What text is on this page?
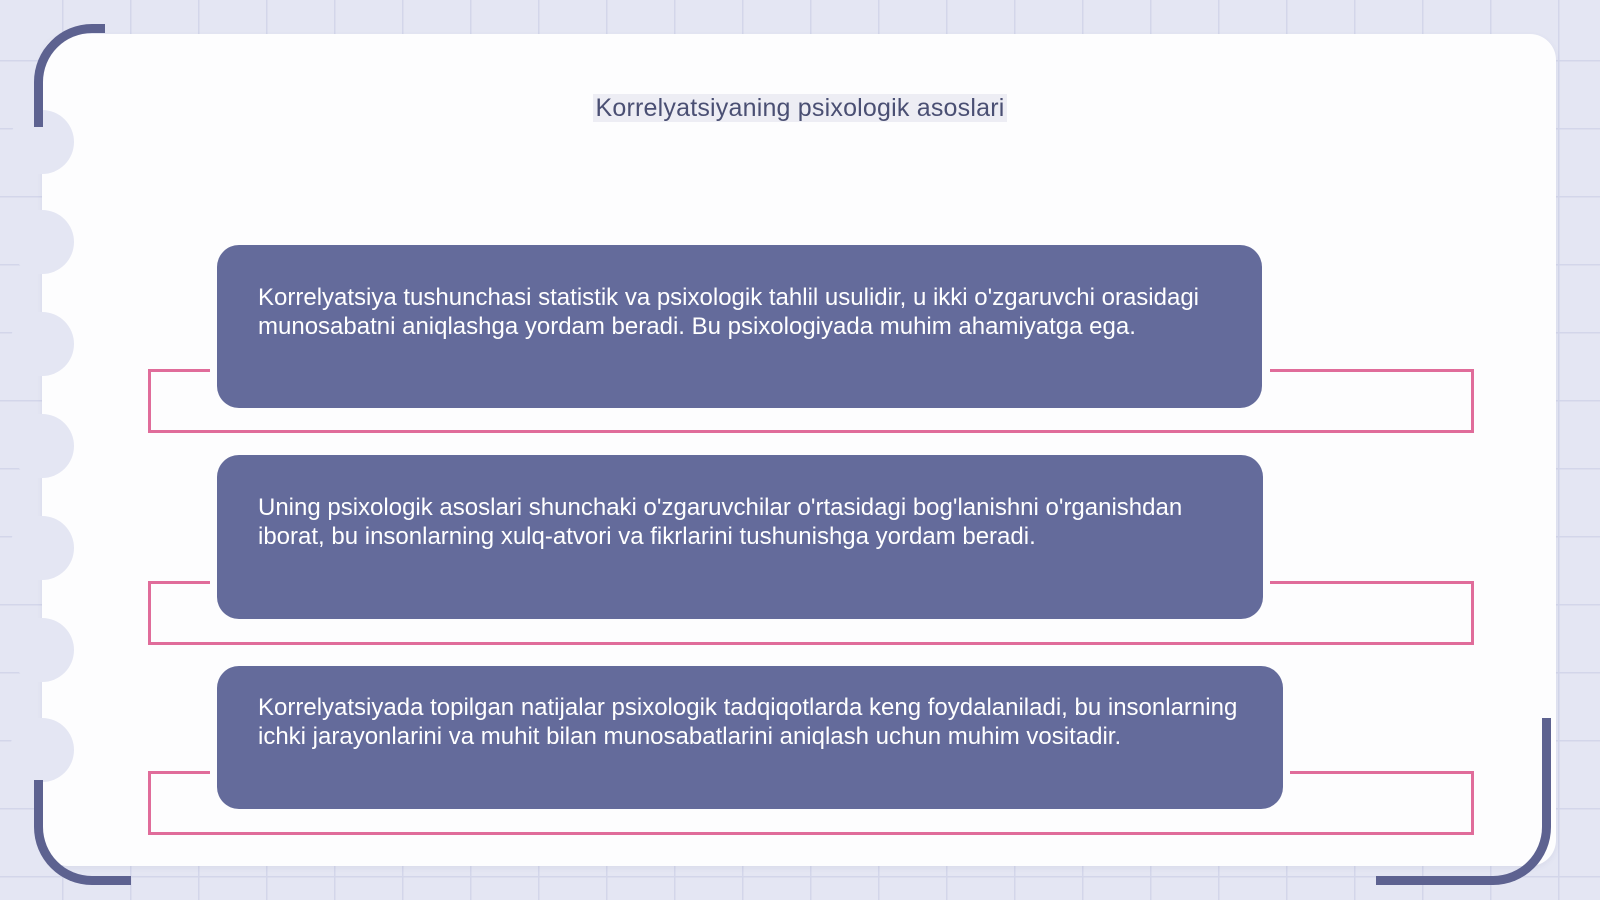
Korrelyatsiyaning psixologik asoslari
Korrelyatsiya tushunchasi statistik va psixologik tahlil usulidir, u ikki o'zgaruvchi orasidagi munosabatni aniqlashga yordam beradi. Bu psixologiyada muhim ahamiyatga ega.
Uning psixologik asoslari shunchaki o'zgaruvchilar o'rtasidagi bog'lanishni o'rganishdan iborat, bu insonlarning xulq-atvori va fikrlarini tushunishga yordam beradi.
Korrelyatsiyada topilgan natijalar psixologik tadqiqotlarda keng foydalaniladi, bu insonlarning ichki jarayonlarini va muhit bilan munosabatlarini aniqlash uchun muhim vositadir.
